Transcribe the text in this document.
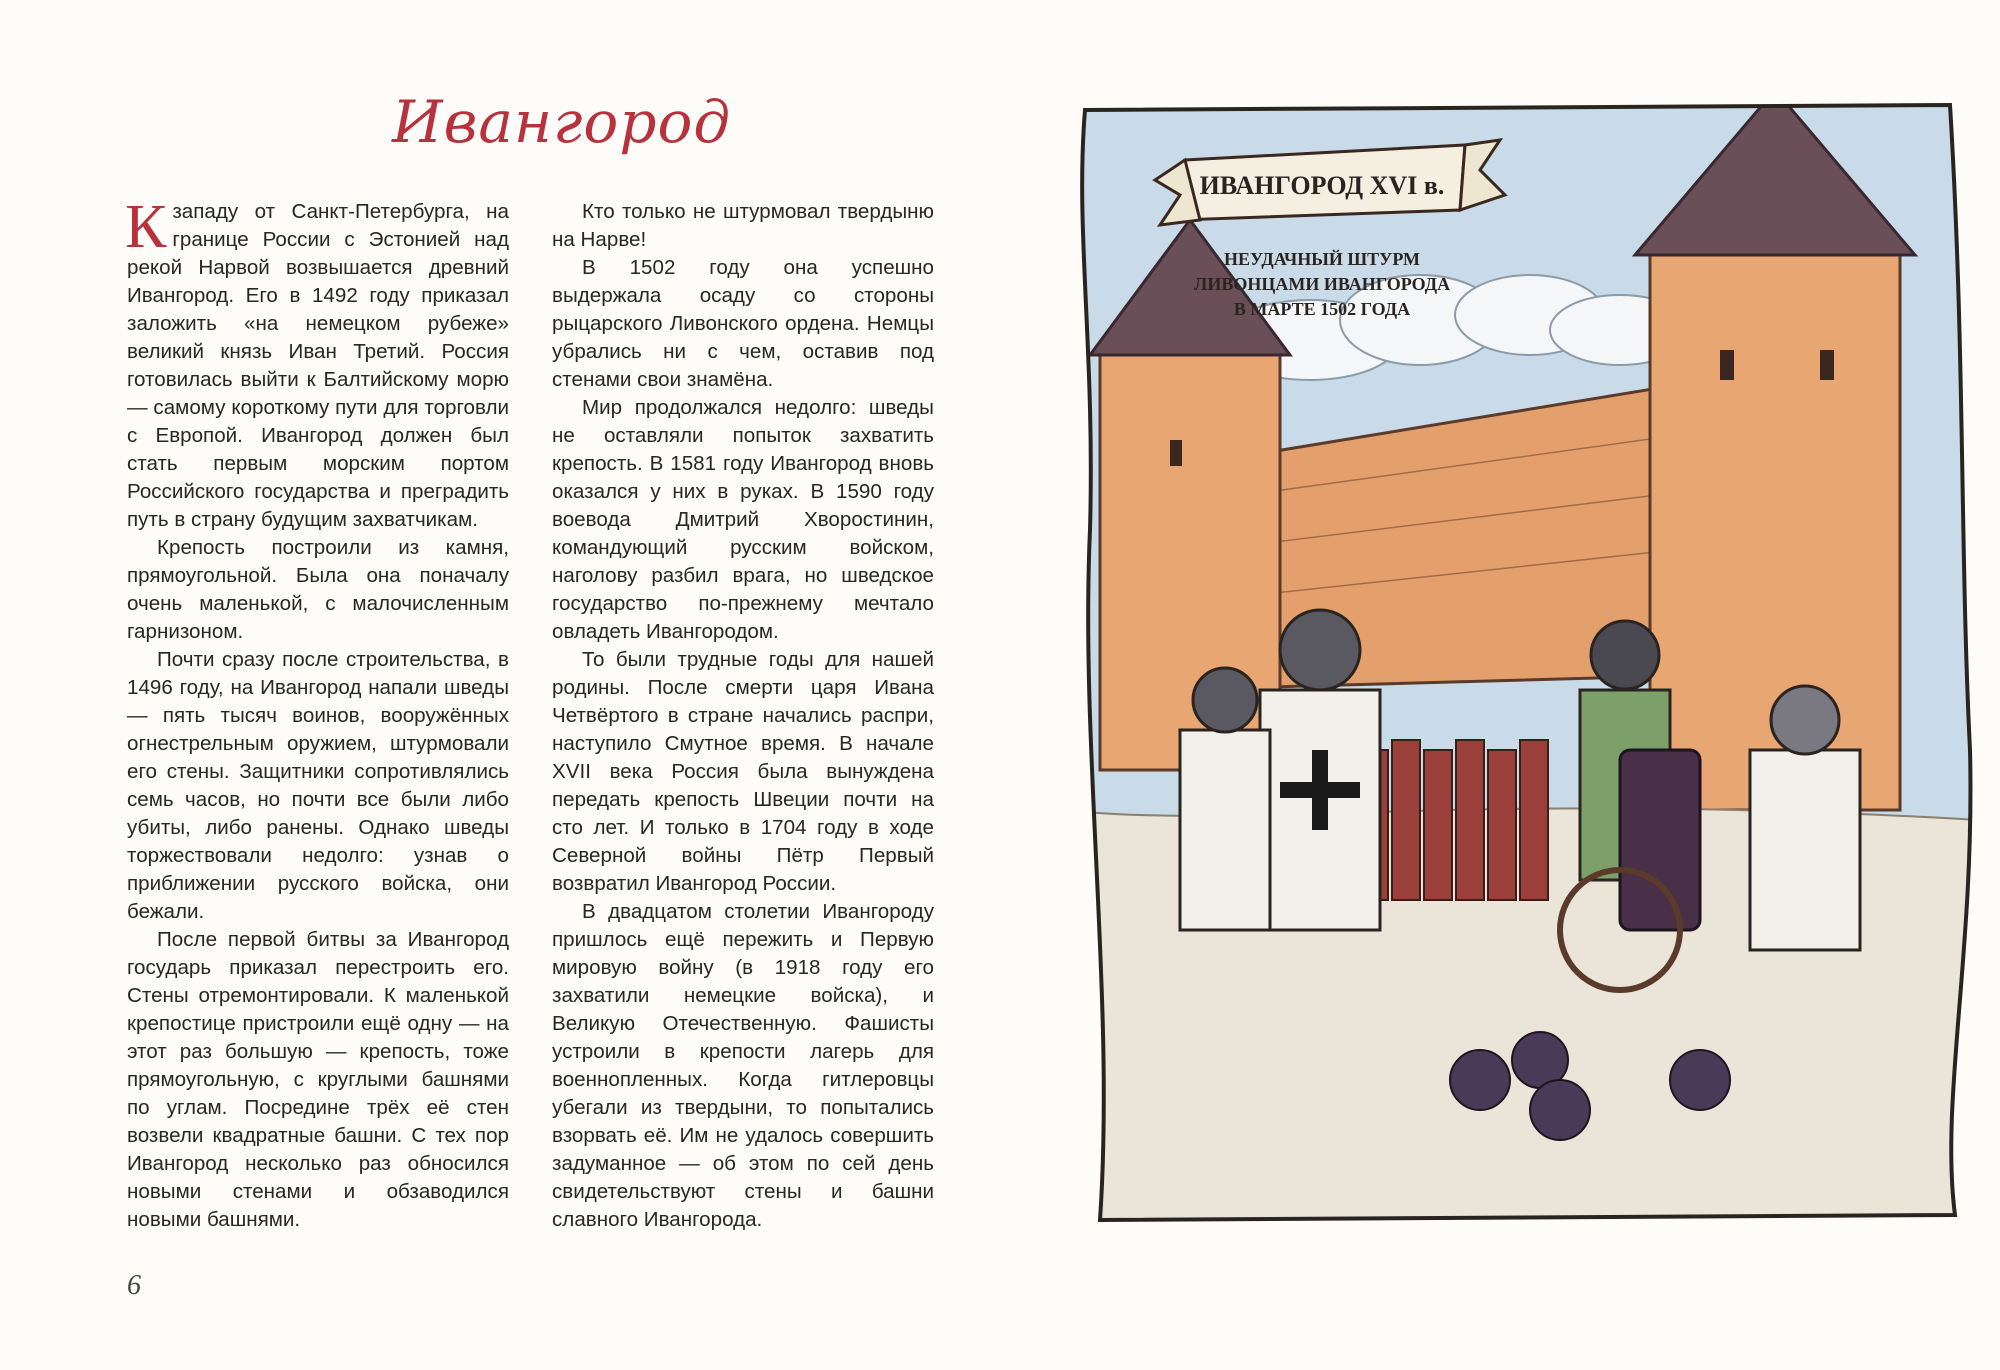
Ивангород

Кзападу от Санкт-Петербурга, на границе России с Эстонией над рекой Нарвой возвышается древний Ивангород. Его в 1492 году приказал заложить «на немецком рубеже» великий князь Иван Третий. Россия готовилась выйти к Балтийскому морю — самому короткому пути для торговли с Европой. Ивангород должен был стать первым морским портом Российского государства и преградить путь в страну будущим захватчикам.

Крепость построили из камня, прямоугольной. Была она поначалу очень маленькой, с малочисленным гарнизоном.

Почти сразу после строительства, в 1496 году, на Ивангород напали шведы — пять тысяч воинов, вооружённых огнестрельным оружием, штурмовали его стены. Защитники сопротивлялись семь часов, но почти все были либо убиты, либо ранены. Однако шведы торжествовали недолго: узнав о приближении русского войска, они бежали.

После первой битвы за Ивангород государь приказал перестроить его. Стены отремонтировали. К маленькой крепостице пристроили ещё одну — на этот раз большую — крепость, тоже прямоугольную, с круглыми башнями по углам. Посредине трёх её стен возвели квадратные башни. С тех пор Ивангород несколько раз обносился новыми стенами и обзаводился новыми башнями.

Кто только не штурмовал твердыню на Нарве!

В 1502 году она успешно выдержала осаду со стороны рыцарского Ливонского ордена. Немцы убрались ни с чем, оставив под стенами свои знамёна.

Мир продолжался недолго: шведы не оставляли попыток захватить крепость. В 1581 году Ивангород вновь оказался у них в руках. В 1590 году воевода Дмитрий Хворостинин, командующий русским войском, наголову разбил врага, но шведское государство по-прежнему мечтало овладеть Ивангородом.

То были трудные годы для нашей родины. После смерти царя Ивана Четвёртого в стране начались распри, наступило Смутное время. В начале XVII века Россия была вынуждена передать крепость Швеции почти на сто лет. И только в 1704 году в ходе Северной войны Пётр Первый возвратил Ивангород России.

В двадцатом столетии Ивангороду пришлось ещё пережить и Первую мировую войну (в 1918 году его захватили немецкие войска), и Великую Отечественную. Фашисты устроили в крепости лагерь для военнопленных. Когда гитлеровцы убегали из твердыни, то попытались взорвать её. Им не удалось совершить задуманное — об этом по сей день свидетельствуют стены и башни славного Ивангорода.

6
ИВАНГОРОД XVI в.
НЕУДАЧНЫЙ ШТУРМ
ЛИВОНЦАМИ ИВАНГОРОДА
В МАРТЕ 1502 ГОДА
